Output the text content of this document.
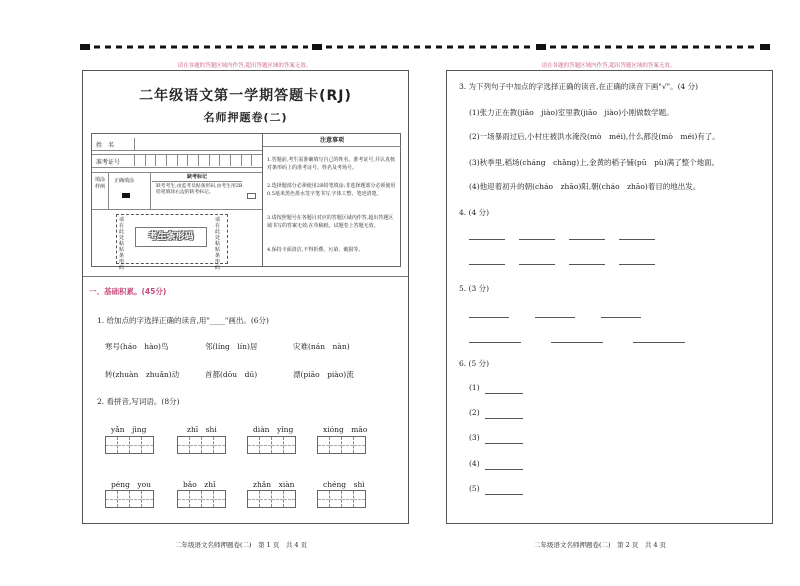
请在各题的答题区域内作答,超出答题区域的答案无效。	请在各题的答题区域内作答,超出答题区域的答案无效。
二年级语文第一学期答题卡(RJ)
名师押题卷(二)
姓　名
准考证号
填涂样例
正确填涂
缺考标记
缺考考生,由监考员贴条形码,由考生用2B铅笔填涂右边的缺考标记。
请在此处粘贴条形码
考生条形码
请在此处粘贴条形码
注意事项
1.答题前,考生需准确填写自己的姓名、准考证号,并认真核对条形码上的准考证号、姓名及考场号。
2.选择题部分必须使用2B铅笔填涂;非选择题部分必须使用0.5毫米黑色墨水签字笔书写,字体工整、笔迹清楚。
3.请按照题号在各题目对应的答题区域内作答,超出答题区域书写的答案无效;在草稿纸、试题卷上答题无效。
4.保持卡面清洁,不得折叠、污染、破损等。
一、基础积累。(45分)
1. 给加点的字选择正确的读音,用"____"画出。(6分)
寒号(háo　hào)鸟	邻(líng　lín)居	灾难(nán　nàn)
转(zhuàn　zhuǎn)动	首都(dōu　dū)	漂(piāo　piào)流
2. 看拼音,写词语。(8分)
yǎn　jìng	zhī　shi	diàn　yǐng	xióng　māo
péng　you	bǎo　zhǐ	zhǎn　xiàn	chéng　shì
二年级语文名师押题卷(二)　第 1 页　共 4 页
3. 为下列句子中加点的字选择正确的读音,在正确的读音下画"√"。(4 分)
(1)张力正在教(jiāo　jiào)室里教(jiāo　jiào)小刚做数学题。
(2)一场暴雨过后,小村庄被洪水淹没(mò　méi),什么都没(mò　méi)有了。
(3)秋季里,稻场(cháng　chǎng)上,金黄的稻子铺(pū　pù)满了整个地面。
(4)他迎着初升的朝(cháo　zhāo)阳,朝(cháo　zhāo)着目的地出发。
4. (4 分)
5. (3 分)
6. (5 分)
(1)
(2)
(3)
(4)
(5)
二年级语文名师押题卷(二)　第 2 页　共 4 页
